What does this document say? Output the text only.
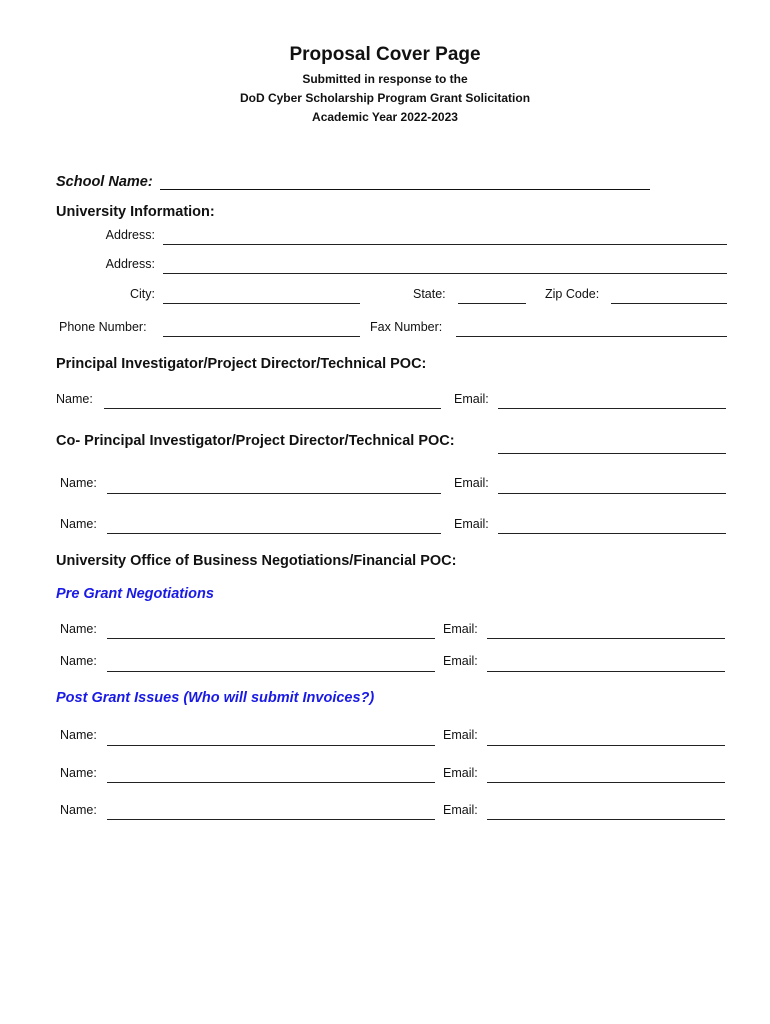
Proposal Cover Page
Submitted in response to the
DoD Cyber Scholarship Program Grant Solicitation
Academic Year 2022-2023
School Name:
University Information:
Address:
Address:
City:	State:	Zip Code:
Phone Number:	Fax Number:
Principal Investigator/Project Director/Technical POC:
Name:	Email:
Co- Principal Investigator/Project Director/Technical POC:
Name:	Email:
Name:	Email:
University Office of Business Negotiations/Financial POC:
Pre Grant Negotiations
Name:	Email:
Name:	Email:
Post Grant Issues (Who will submit Invoices?)
Name:	Email:
Name:	Email:
Name:	Email:
